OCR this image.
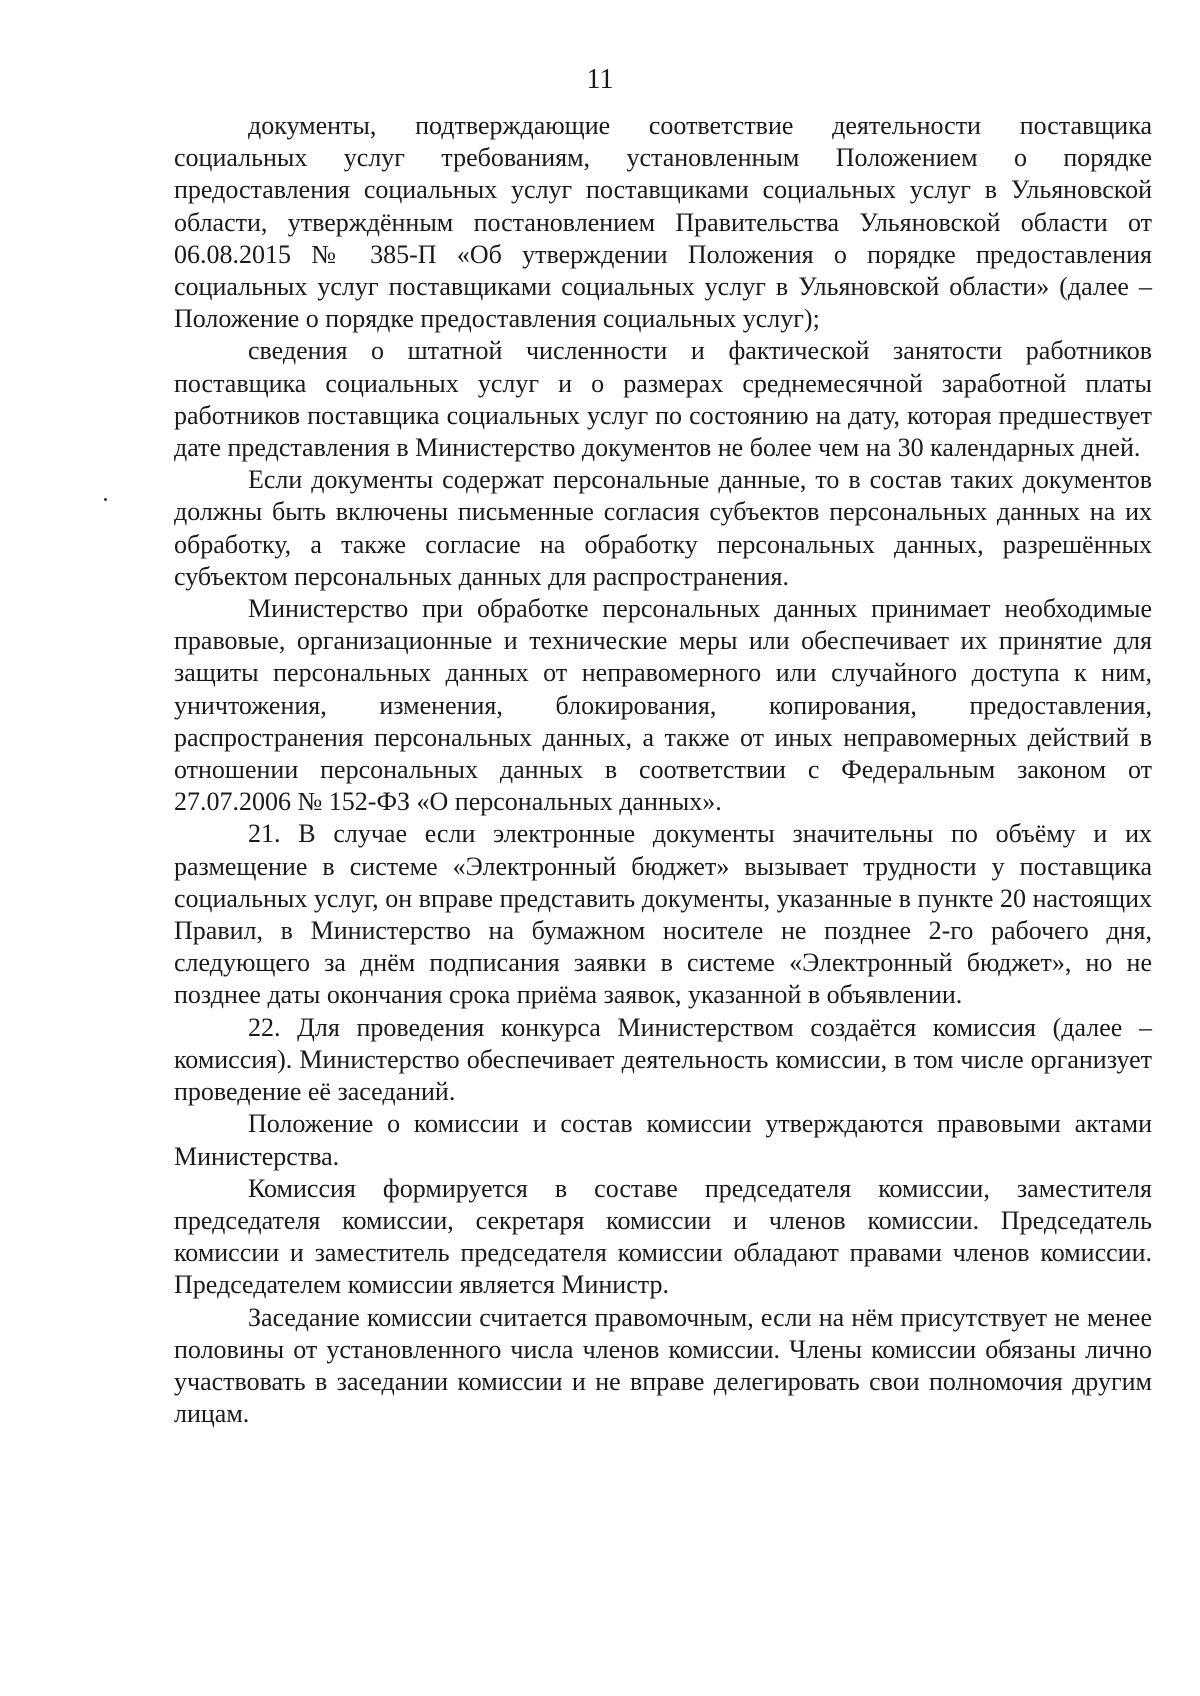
11

документы, подтверждающие соответствие деятельности поставщика социальных услуг требованиям, установленным Положением о порядке предоставления социальных услуг поставщиками социальных услуг в Ульяновской области, утверждённым постановлением Правительства Ульяновской области от 06.08.2015 № 385-П «Об утверждении Положения о порядке предоставления социальных услуг поставщиками социальных услуг в Ульяновской области» (далее – Положение о порядке предоставления социальных услуг);

сведения о штатной численности и фактической занятости работников поставщика социальных услуг и о размерах среднемесячной заработной платы работников поставщика социальных услуг по состоянию на дату, которая предшествует дате представления в Министерство документов не более чем на 30 календарных дней.

Если документы содержат персональные данные, то в состав таких документов должны быть включены письменные согласия субъектов персональных данных на их обработку, а также согласие на обработку персональных данных, разрешённых субъектом персональных данных для распространения.

Министерство при обработке персональных данных принимает необходимые правовые, организационные и технические меры или обеспечивает их принятие для защиты персональных данных от неправомерного или случайного доступа к ним, уничтожения, изменения, блокирования, копирования, предоставления, распространения персональных данных, а также от иных неправомерных действий в отношении персональных данных в соответствии с Федеральным законом от 27.07.2006 № 152-ФЗ «О персональных данных».

21. В случае если электронные документы значительны по объёму и их размещение в системе «Электронный бюджет» вызывает трудности у поставщика социальных услуг, он вправе представить документы, указанные в пункте 20 настоящих Правил, в Министерство на бумажном носителе не позднее 2-го рабочего дня, следующего за днём подписания заявки в системе «Электронный бюджет», но не позднее даты окончания срока приёма заявок, указанной в объявлении.

22. Для проведения конкурса Министерством создаётся комиссия (далее – комиссия). Министерство обеспечивает деятельность комиссии, в том числе организует проведение её заседаний.

Положение о комиссии и состав комиссии утверждаются правовыми актами Министерства.

Комиссия формируется в составе председателя комиссии, заместителя председателя комиссии, секретаря комиссии и членов комиссии. Председатель комиссии и заместитель председателя комиссии обладают правами членов комиссии. Председателем комиссии является Министр.

Заседание комиссии считается правомочным, если на нём присутствует не менее половины от установленного числа членов комиссии. Члены комиссии обязаны лично участвовать в заседании комиссии и не вправе делегировать свои полномочия другим лицам.
